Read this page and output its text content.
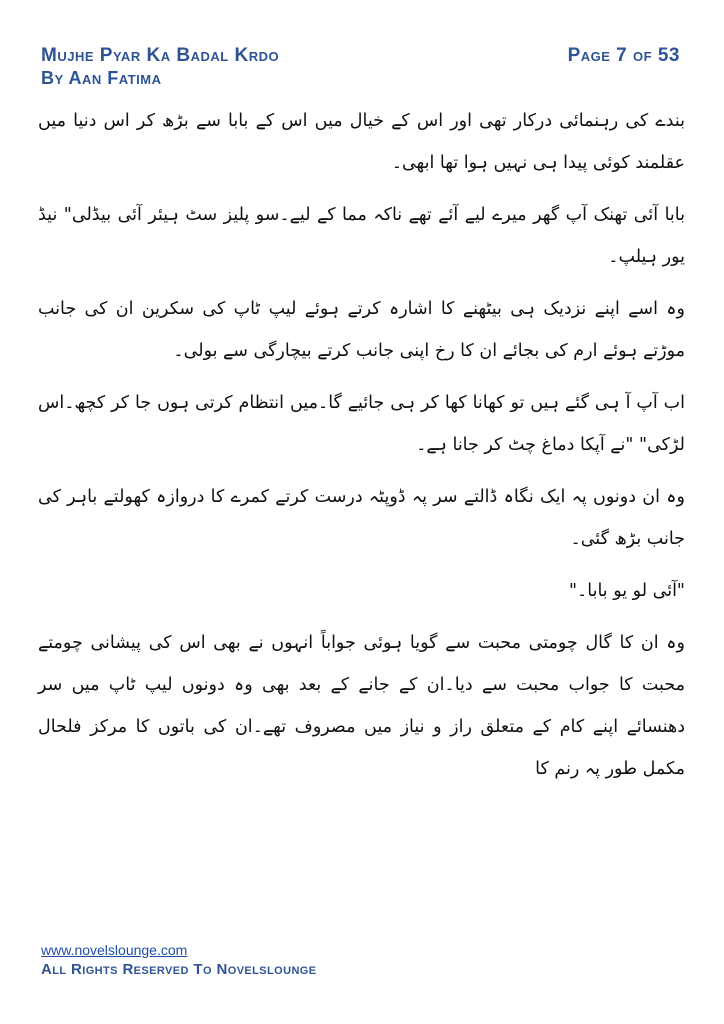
Mujhe Pyar Ka Badal Krdo
By Aan Fatima
Page 7 of 53

بندے کی رہنمائی درکار تھی اور اس کے خیال میں اس کے بابا سے بڑھ کر اس دنیا میں عقلمند کوئی پیدا ہی نہیں ہوا تھا ابھی۔

بابا آئی تھنک آپ گھر میرے لیے آئے تھے ناکہ مما کے لیے۔سو پلیز سٹ ہیئر آئی بیڈلی" نیڈ یور ہیلپ۔

وہ اسے اپنے نزدیک ہی بیٹھنے کا اشارہ کرتے ہوئے لیپ ٹاپ کی سکرین ان کی جانب موڑتے ہوئے ارم کی بجائے ان کا رخ اپنی جانب کرتے بیچارگی سے بولی۔

اب آپ آ ہی گئے ہیں تو کھانا کھا کر ہی جائیے گا۔میں انتظام کرتی ہوں جا کر کچھ۔اس لڑکی" "نے آپکا دماغ چٹ کر جانا ہے۔

وہ ان دونوں پہ ایک نگاہ ڈالتے سر پہ ڈوپٹہ درست کرتے کمرے کا دروازہ کھولتے باہر کی جانب بڑھ گئی۔

"آئی لو یو بابا۔"

وہ ان کا گال چومتی محبت سے گویا ہوئی جواباً انہوں نے بھی اس کی پیشانی چومتے محبت کا جواب محبت سے دیا۔ان کے جانے کے بعد بھی وہ دونوں لیپ ٹاپ میں سر دھنسائے اپنے کام کے متعلق راز و نیاز میں مصروف تھے۔ان کی باتوں کا مرکز فلحال مکمل طور پہ رنم کا

www.novelslounge.com
All Rights Reserved To Novelslounge
